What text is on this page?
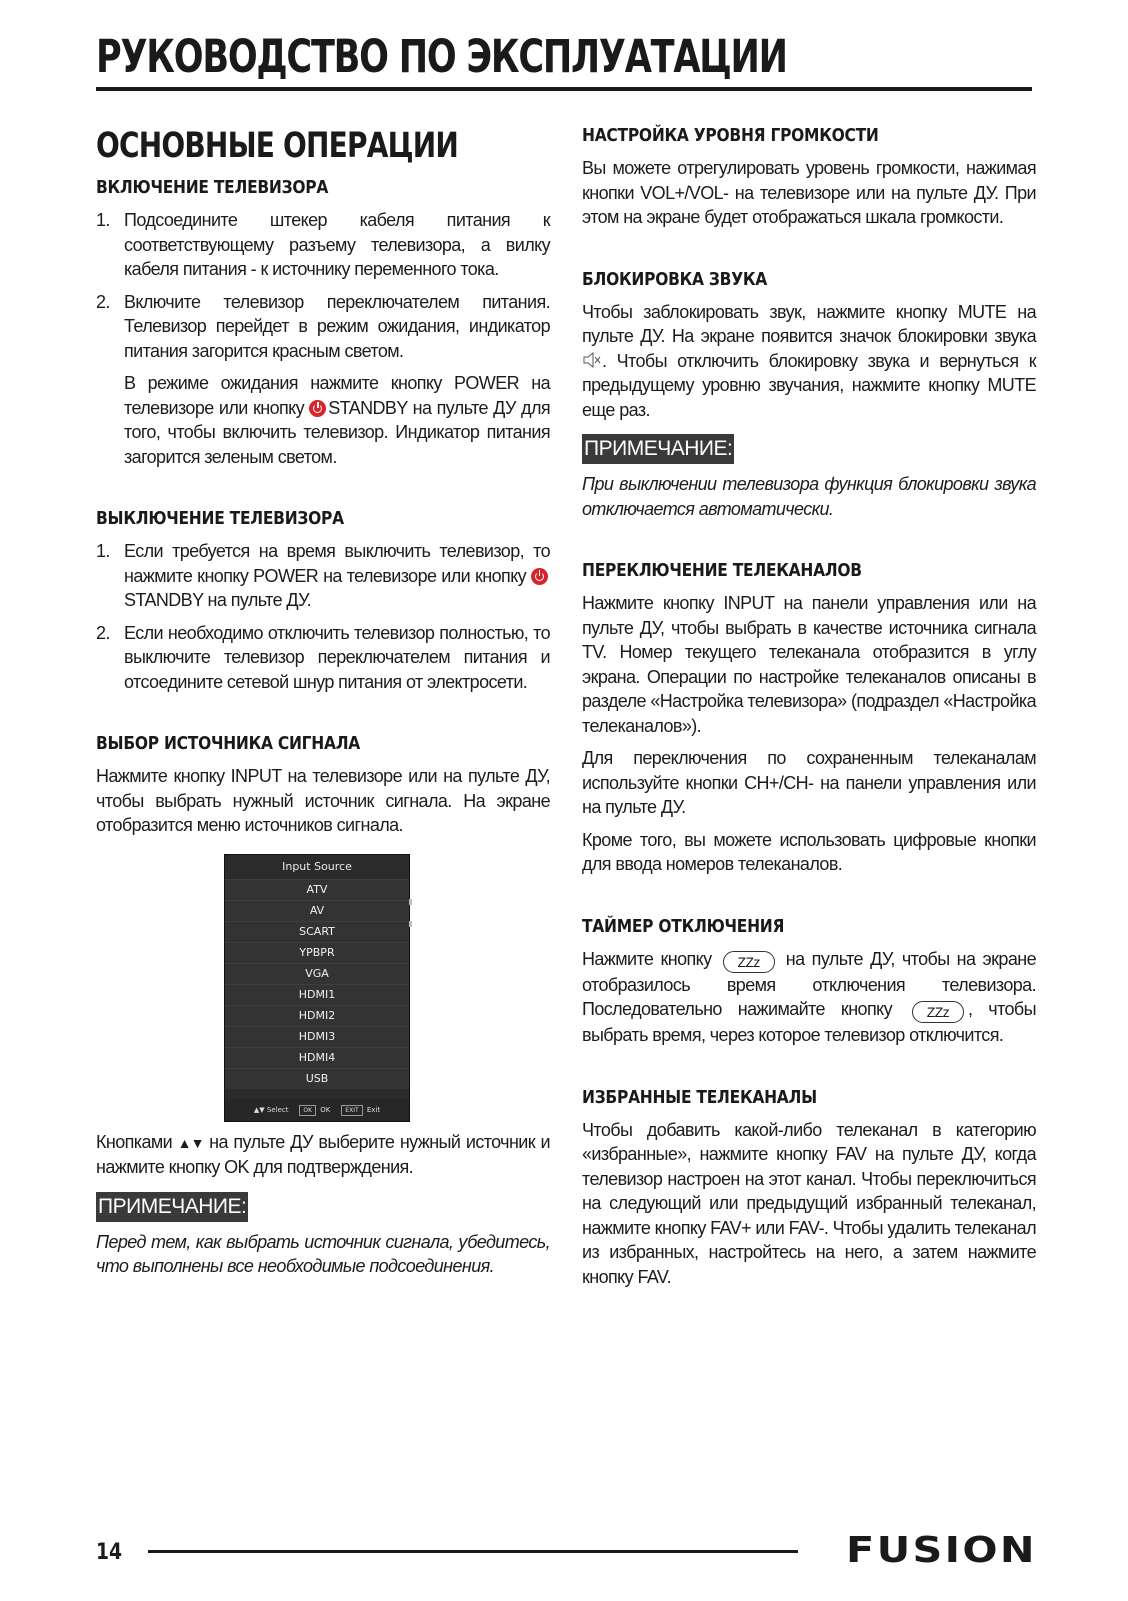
РУКОВОДСТВО ПО ЭКСПЛУАТАЦИИ
ОСНОВНЫЕ ОПЕРАЦИИ
ВКЛЮЧЕНИЕ ТЕЛЕВИЗОРА
1. Подсоедините штекер кабеля питания к соответствующему разъему телевизора, а вилку кабеля питания - к источнику переменного тока.
2. Включите телевизор переключателем питания. Телевизор перейдет в режим ожидания, индикатор питания загорится красным светом.

В режиме ожидания нажмите кнопку POWER на телевизоре или кнопку STANDBY на пульте ДУ для того, чтобы включить телевизор. Индикатор питания загорится зеленым светом.

ВЫКЛЮЧЕНИЕ ТЕЛЕВИЗОРА
1. Если требуется на время выключить телевизор, то нажмите кнопку POWER на телевизоре или кнопку STANDBY на пульте ДУ.
2. Если необходимо отключить телевизор полностью, то выключите телевизор переключателем питания и отсоедините сетевой шнур питания от электросети.
ВЫБОР ИСТОЧНИКА СИГНАЛА

Нажмите кнопку INPUT на телевизоре или на пульте ДУ, чтобы выбрать нужный источник сигнала. На экране отобразится меню источников сигнала.

Input Source
ATV
AV
SCART
YPBPR
VGA
HDMI1
HDMI2
HDMI3
HDMI4
USB
▲▼ Select OK OK EXIT Exit

Кнопками ▲▼ на пульте ДУ выберите нужный источник и нажмите кнопку OK для подтверждения.

ПРИМЕЧАНИЕ:
Перед тем, как выбрать источник сигнала, убедитесь, что выполнены все необходимые подсоединения.
НАСТРОЙКА УРОВНЯ ГРОМКОСТИ

Вы можете отрегулировать уровень громкости, нажимая кнопки VOL+/VOL- на телевизоре или на пульте ДУ. При этом на экране будет отображаться шкала громкости.

БЛОКИРОВКА ЗВУКА

Чтобы заблокировать звук, нажмите кнопку MUTE на пульте ДУ. На экране появится значок блокировки звука . Чтобы отключить блокировку звука и вернуться к предыдущему уровню звучания, нажмите кнопку MUTE еще раз.

ПРИМЕЧАНИЕ:
При выключении телевизора функция блокировки звука отключается автоматически.
ПЕРЕКЛЮЧЕНИЕ ТЕЛЕКАНАЛОВ

Нажмите кнопку INPUT на панели управления или на пульте ДУ, чтобы выбрать в качестве источника сигнала TV. Номер текущего телеканала отобразится в углу экрана. Операции по настройке телеканалов описаны в разделе «Настройка телевизора» (подраздел «Настройка телеканалов»).

Для переключения по сохраненным телеканалам используйте кнопки CH+/CH- на панели управления или на пульте ДУ.

Кроме того, вы можете использовать цифровые кнопки для ввода номеров телеканалов.

ТАЙМЕР ОТКЛЮЧЕНИЯ

Нажмите кнопку ZZz на пульте ДУ, чтобы на экране отобразилось время отключения телевизора. Последовательно нажимайте кнопку ZZz , чтобы выбрать время, через которое телевизор отключится.

ИЗБРАННЫЕ ТЕЛЕКАНАЛЫ

Чтобы добавить какой-либо телеканал в категорию «избранные», нажмите кнопку FAV на пульте ДУ, когда телевизор настроен на этот канал. Чтобы переключиться на следующий или предыдущий избранный телеканал, нажмите кнопку FAV+ или FAV-. Чтобы удалить телеканал из избранных, настройтесь на него, а затем нажмите кнопку FAV.

14	FUSION
